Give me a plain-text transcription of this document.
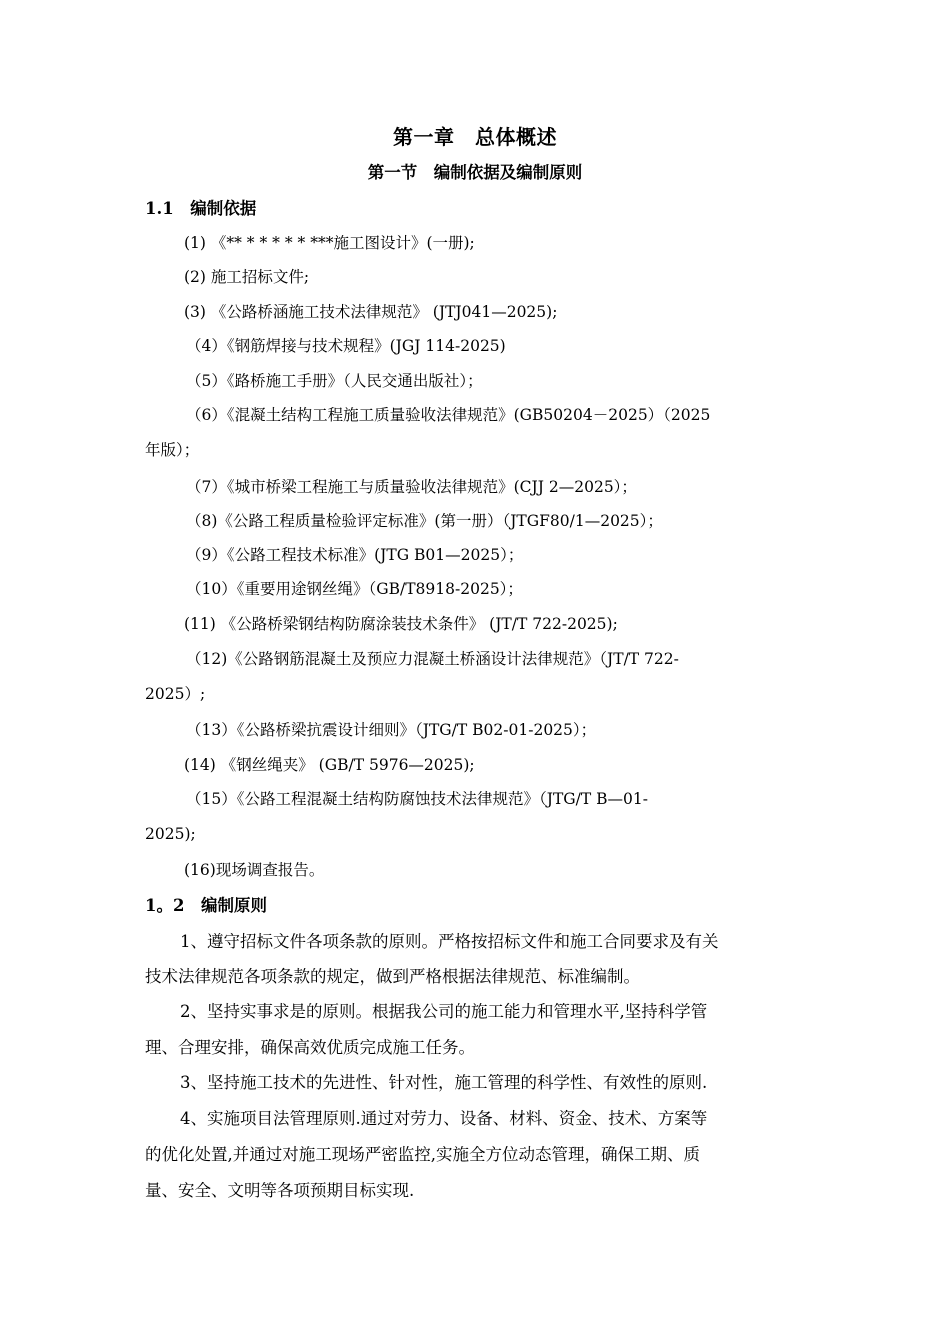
第一章　总体概述
第一节　编制依据及编制原则
1.1　编制依据
(1) 《** * * * * * ***施工图设计》(一册);
(2) 施工招标文件;
(3) 《公路桥涵施工技术法律规范》 (JTJ041—2025);
（4）《钢筋焊接与技术规程》(JGJ 114-2025)
（5）《路桥施工手册》（人民交通出版社）；
（6）《混凝土结构工程施工质量验收法律规范》(GB50204－2025）（2025
年版）；
（7）《城市桥梁工程施工与质量验收法律规范》(CJJ 2—2025）；
（8)《公路工程质量检验评定标准》(第一册）（JTGF80/1—2025）；
（9）《公路工程技术标准》(JTG B01—2025）；
（10）《重要用途钢丝绳》（GB/T8918-2025）；
(11) 《公路桥梁钢结构防腐涂装技术条件》 (JT/T 722-2025);
（12)《公路钢筋混凝土及预应力混凝土桥涵设计法律规范》（JT/T 722-
2025）;
（13）《公路桥梁抗震设计细则》（JTG/T B02-01-2025）；
(14) 《钢丝绳夹》 (GB/T 5976—2025);
（15）《公路工程混凝土结构防腐蚀技术法律规范》（JTG/T B—01-
2025);
(16)现场调查报告。
1。2　编制原则
1、遵守招标文件各项条款的原则。严格按招标文件和施工合同要求及有关
技术法律规范各项条款的规定，做到严格根据法律规范、标准编制。
2、坚持实事求是的原则。根据我公司的施工能力和管理水平,坚持科学管
理、合理安排，确保高效优质完成施工任务。
3、坚持施工技术的先进性、针对性，施工管理的科学性、有效性的原则.
4、实施项目法管理原则.通过对劳力、设备、材料、资金、技术、方案等
的优化处置,并通过对施工现场严密监控,实施全方位动态管理，确保工期、质
量、安全、文明等各项预期目标实现.
